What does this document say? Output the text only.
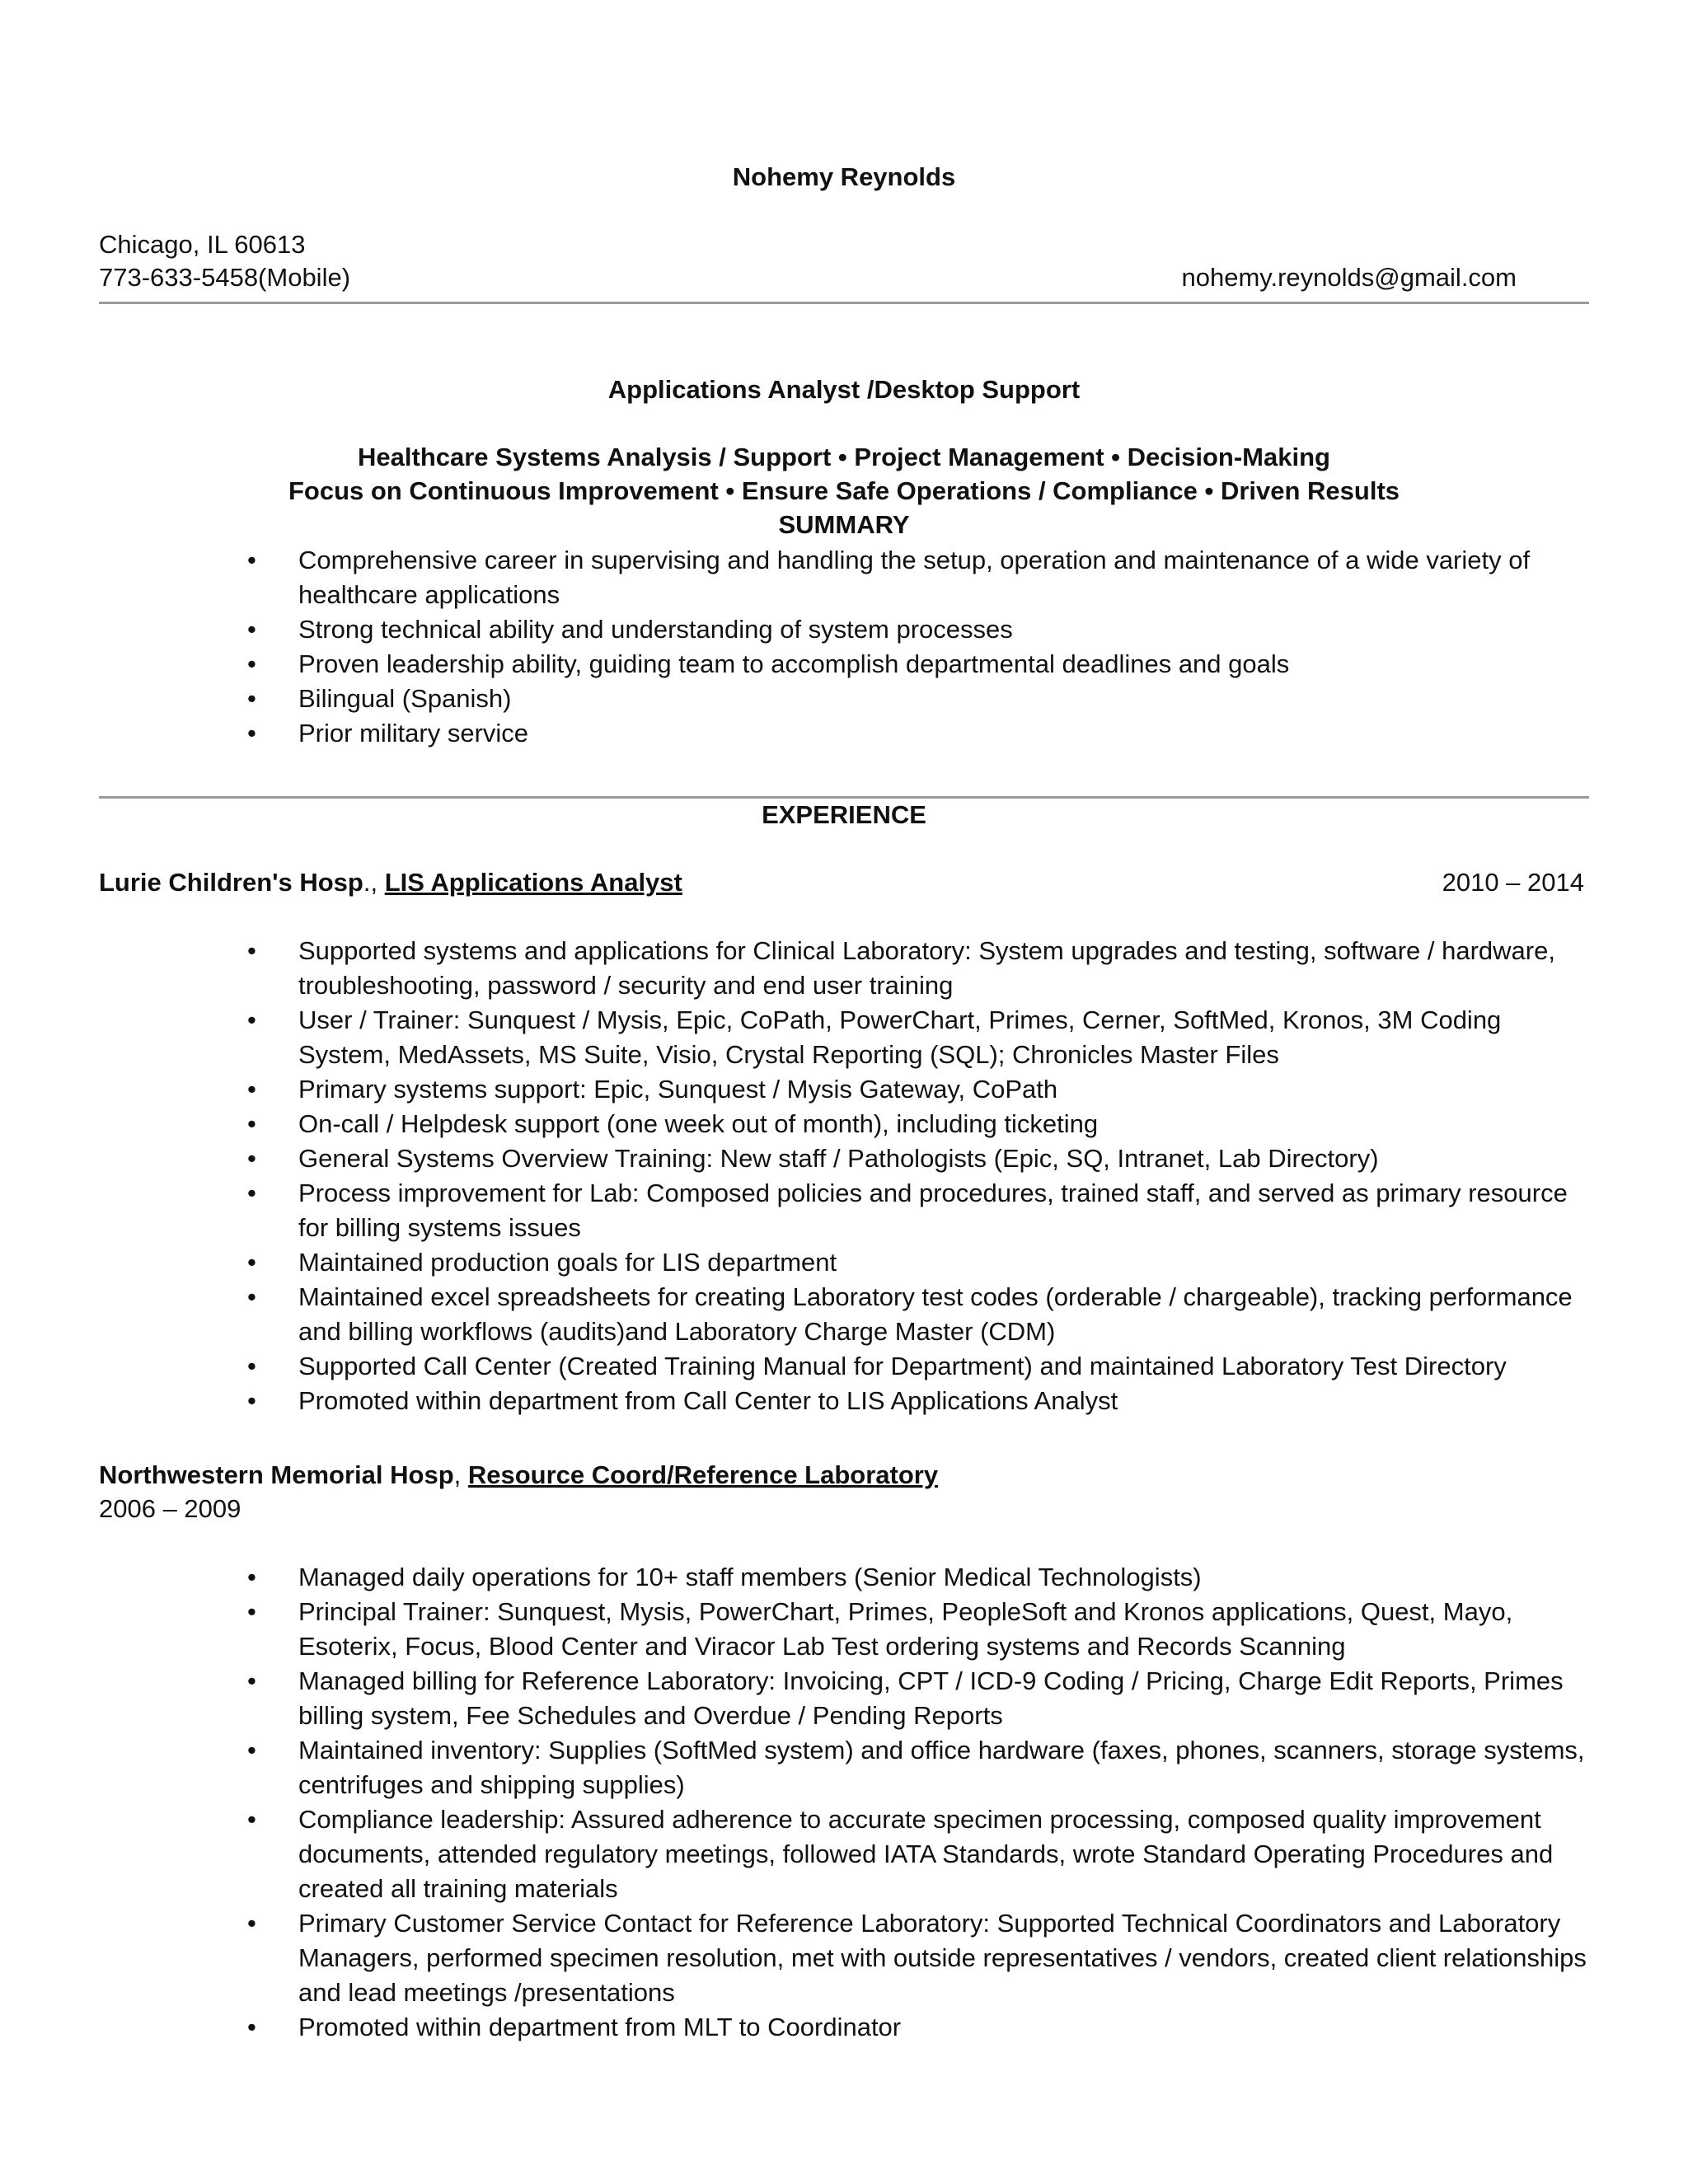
Nohemy Reynolds
Chicago, IL 60613
773-633-5458(Mobile)	nohemy.reynolds@gmail.com
Applications Analyst /Desktop Support
Healthcare Systems Analysis / Support • Project Management • Decision-Making
Focus on Continuous Improvement • Ensure Safe Operations / Compliance • Driven Results
SUMMARY
• Comprehensive career in supervising and handling the setup, operation and maintenance of a wide variety of healthcare applications
• Strong technical ability and understanding of system processes
• Proven leadership ability, guiding team to accomplish departmental deadlines and goals
• Bilingual (Spanish)
• Prior military service
EXPERIENCE
Lurie Children's Hosp., LIS Applications Analyst	2010 – 2014
• Supported systems and applications for Clinical Laboratory: System upgrades and testing, software / hardware, troubleshooting, password / security and end user training
• User / Trainer: Sunquest / Mysis, Epic, CoPath, PowerChart, Primes, Cerner, SoftMed, Kronos, 3M Coding System, MedAssets, MS Suite, Visio, Crystal Reporting (SQL); Chronicles Master Files
• Primary systems support: Epic, Sunquest / Mysis Gateway, CoPath
• On-call / Helpdesk support (one week out of month), including ticketing
• General Systems Overview Training: New staff / Pathologists (Epic, SQ, Intranet, Lab Directory)
• Process improvement for Lab: Composed policies and procedures, trained staff, and served as primary resource for billing systems issues
• Maintained production goals for LIS department
• Maintained excel spreadsheets for creating Laboratory test codes (orderable / chargeable), tracking performance and billing workflows (audits)and Laboratory Charge Master (CDM)
• Supported Call Center (Created Training Manual for Department) and maintained Laboratory Test Directory
• Promoted within department from Call Center to LIS Applications Analyst
Northwestern Memorial Hosp, Resource Coord/Reference Laboratory
2006 – 2009
• Managed daily operations for 10+ staff members (Senior Medical Technologists)
• Principal Trainer: Sunquest, Mysis, PowerChart, Primes, PeopleSoft and Kronos applications, Quest, Mayo, Esoterix, Focus, Blood Center and Viracor Lab Test ordering systems and Records Scanning
• Managed billing for Reference Laboratory: Invoicing, CPT / ICD-9 Coding / Pricing, Charge Edit Reports, Primes billing system, Fee Schedules and Overdue / Pending Reports
• Maintained inventory: Supplies (SoftMed system) and office hardware (faxes, phones, scanners, storage systems, centrifuges and shipping supplies)
• Compliance leadership: Assured adherence to accurate specimen processing, composed quality improvement documents, attended regulatory meetings, followed IATA Standards, wrote Standard Operating Procedures and created all training materials
• Primary Customer Service Contact for Reference Laboratory: Supported Technical Coordinators and Laboratory Managers, performed specimen resolution, met with outside representatives / vendors, created client relationships and lead meetings /presentations
• Promoted within department from MLT to Coordinator
